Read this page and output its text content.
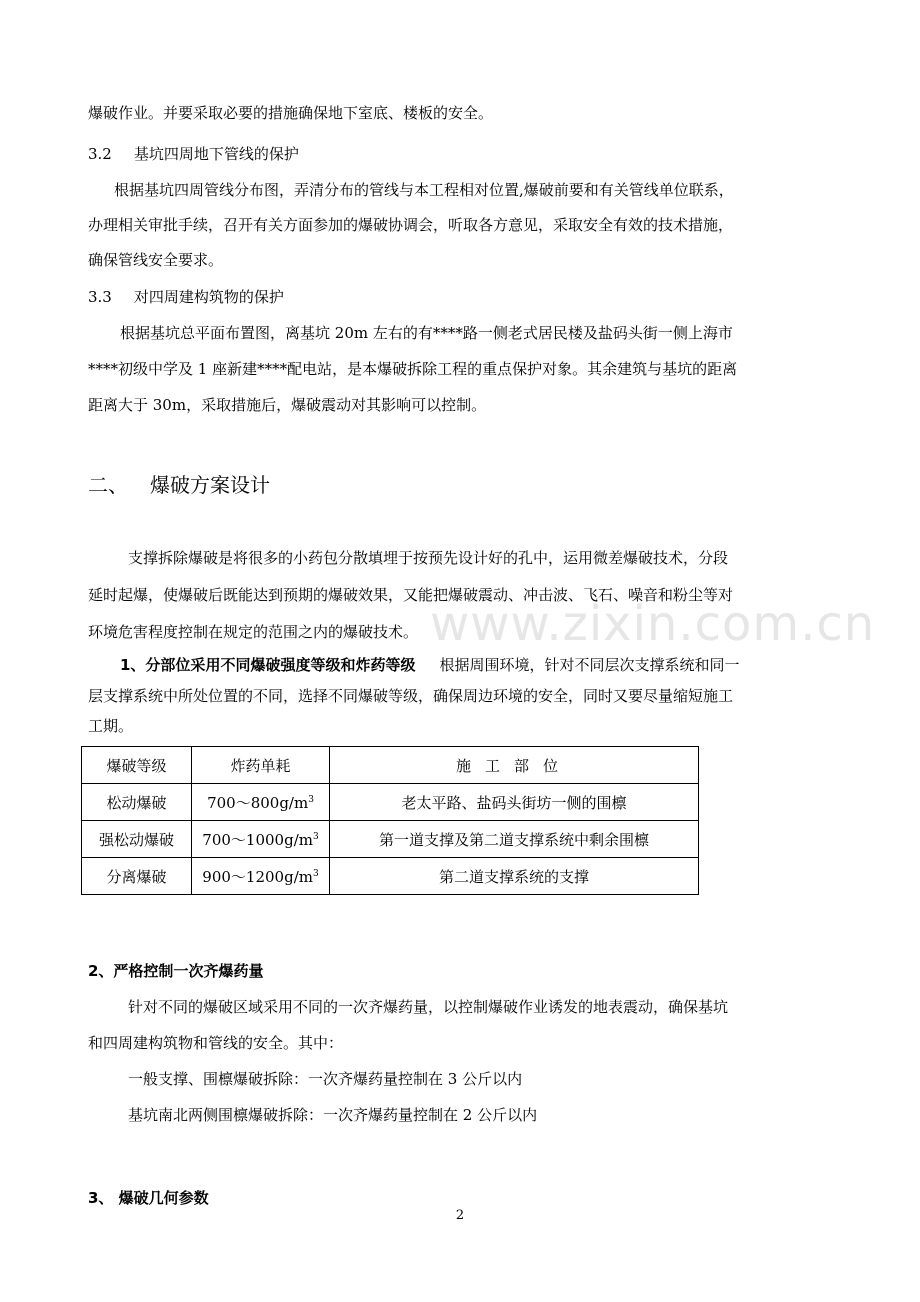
www.zixin.com.cn
爆破作业。并要采取必要的措施确保地下室底、楼板的安全。
3.2 基坑四周地下管线的保护
根据基坑四周管线分布图，弄清分布的管线与本工程相对位置,爆破前要和有关管线单位联系，
办理相关审批手续，召开有关方面参加的爆破协调会，听取各方意见，采取安全有效的技术措施，
确保管线安全要求。
3.3 对四周建构筑物的保护
根据基坑总平面布置图，离基坑 20m 左右的有****路一侧老式居民楼及盐码头街一侧上海市
****初级中学及 1 座新建****配电站，是本爆破拆除工程的重点保护对象。其余建筑与基坑的距离
距离大于 30m，采取措施后，爆破震动对其影响可以控制。
二、 爆破方案设计
支撑拆除爆破是将很多的小药包分散填埋于按预先设计好的孔中，运用微差爆破技术，分段
延时起爆，使爆破后既能达到预期的爆破效果，又能把爆破震动、冲击波、飞石、噪音和粉尘等对
环境危害程度控制在规定的范围之内的爆破技术。
1、分部位采用不同爆破强度等级和炸药等级 根据周围环境，针对不同层次支撑系统和同一
层支撑系统中所处位置的不同，选择不同爆破等级，确保周边环境的安全，同时又要尽量缩短施工
工期。
爆破等级	炸药单耗	施工部位
松动爆破	$700\sim 800g/m^3$	老太平路、盐码头街坊一侧的围檩
强松动爆破	$700\sim 1000g/m^3$	第一道支撑及第二道支撑系统中剩余围檩
分离爆破	$900\sim 1200g/m^3$	第二道支撑系统的支撑
2、严格控制一次齐爆药量
针对不同的爆破区域采用不同的一次齐爆药量，以控制爆破作业诱发的地表震动，确保基坑
和四周建构筑物和管线的安全。其中：
一般支撑、围檩爆破拆除：一次齐爆药量控制在 3 公斤以内
基坑南北两侧围檩爆破拆除：一次齐爆药量控制在 2 公斤以内
3、 爆破几何参数
2
